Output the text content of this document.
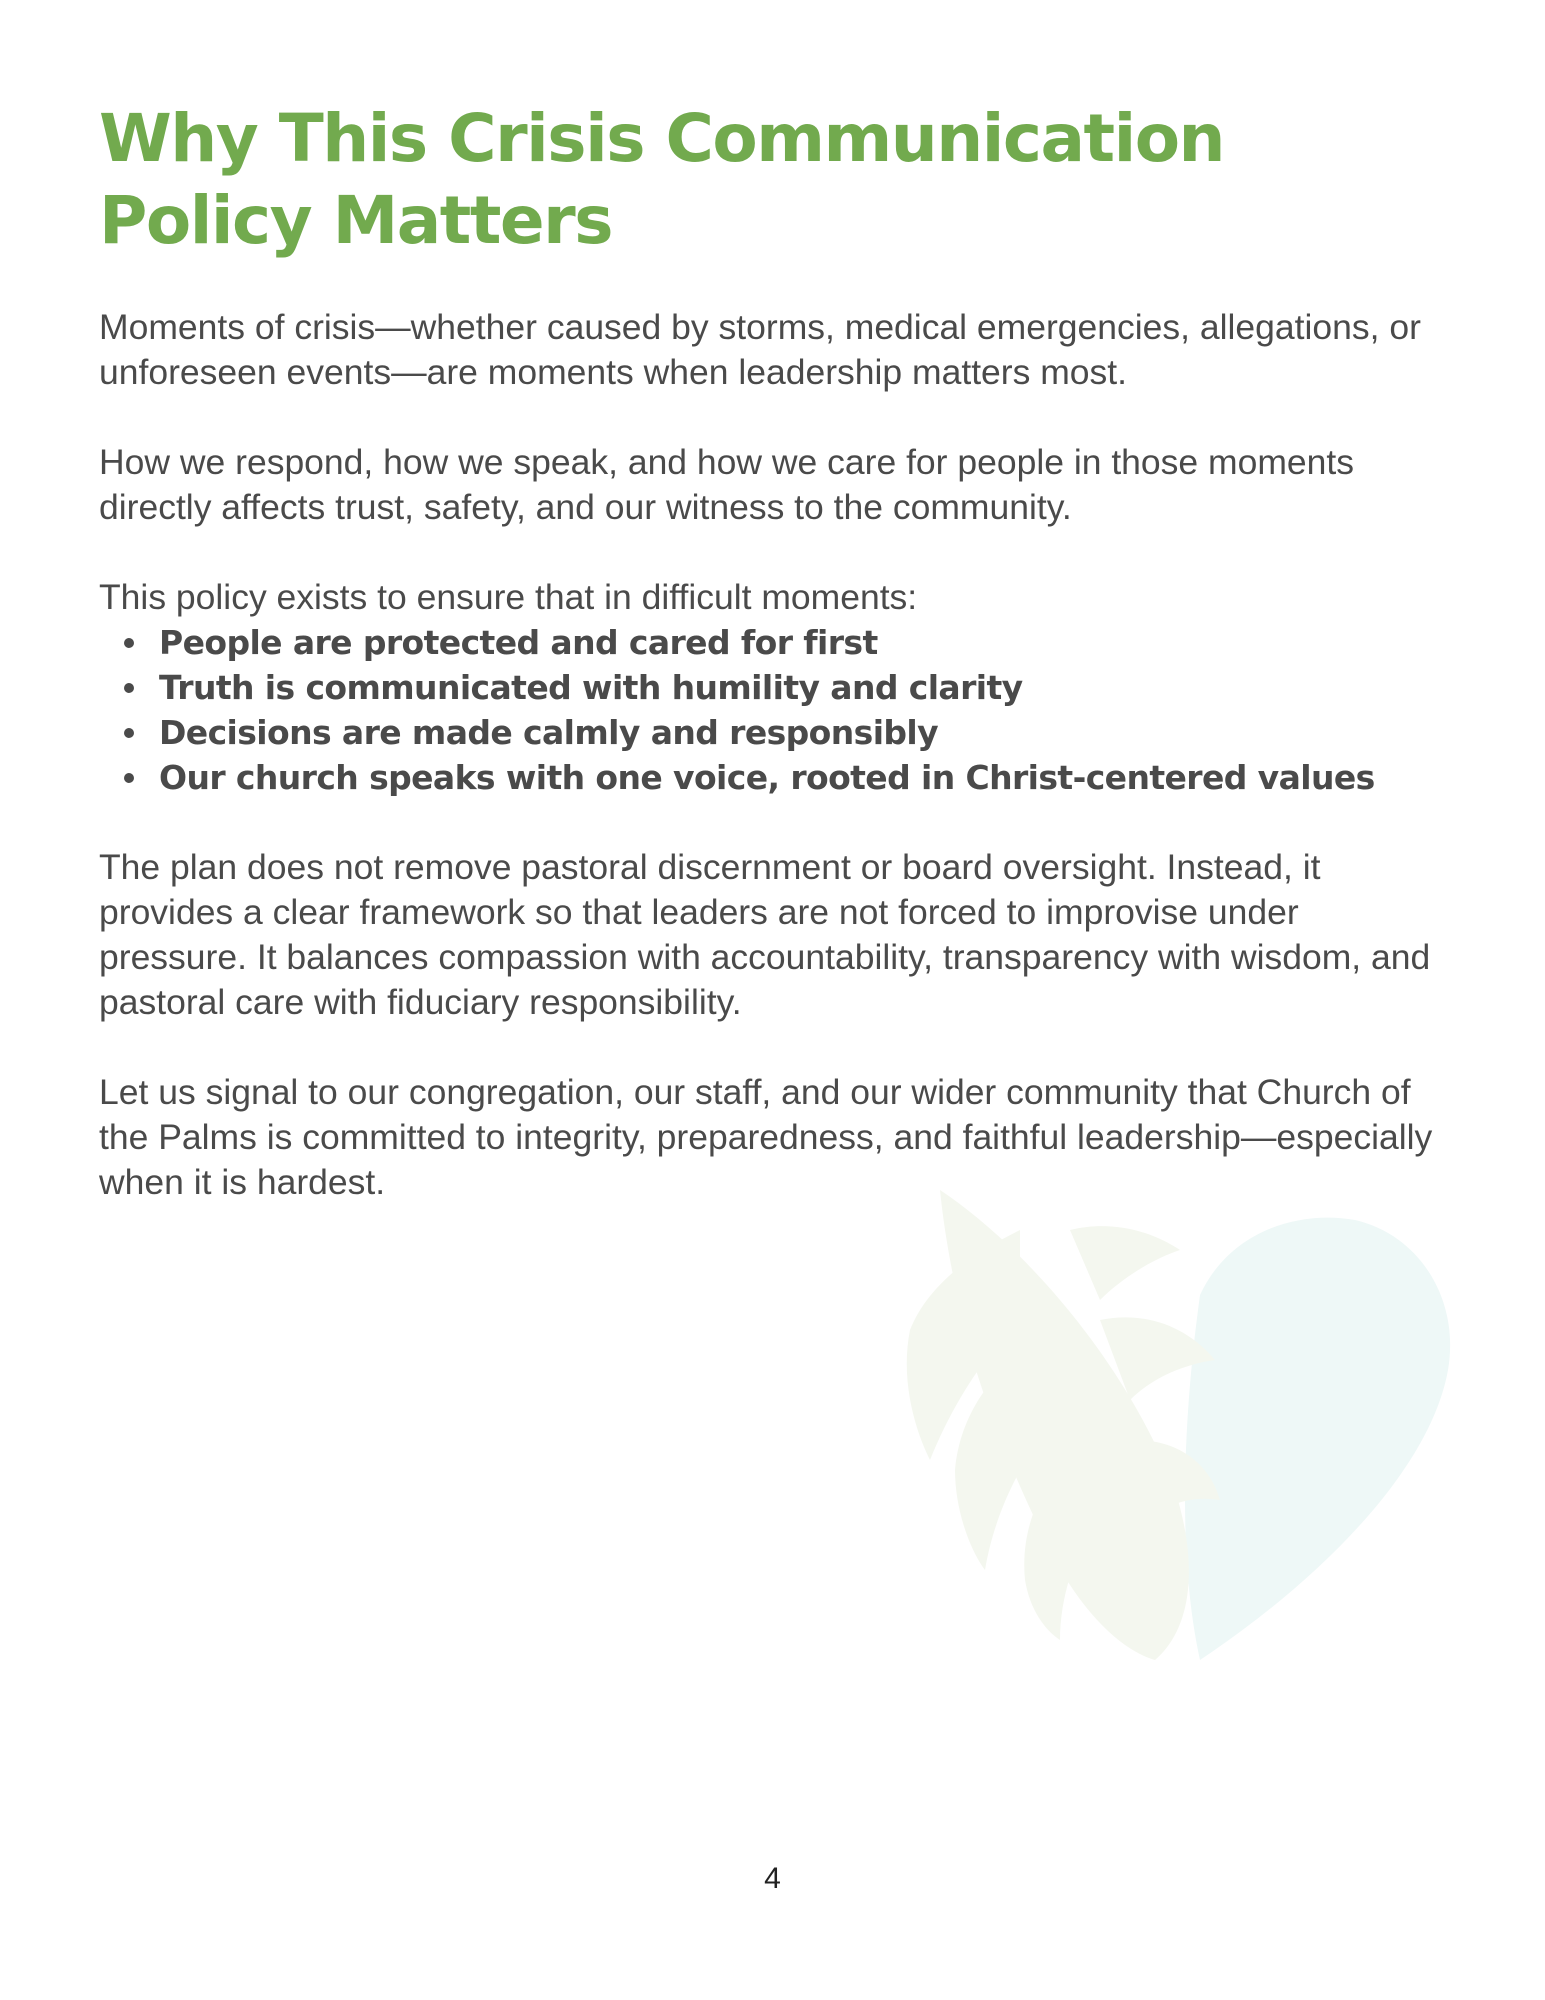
Why This Crisis Communication Policy Matters

Moments of crisis—whether caused by storms, medical emergencies, allegations, or unforeseen events—are moments when leadership matters most.

How we respond, how we speak, and how we care for people in those moments directly affects trust, safety, and our witness to the community.

This policy exists to ensure that in difficult moments:

People are protected and cared for first
Truth is communicated with humility and clarity
Decisions are made calmly and responsibly
Our church speaks with one voice, rooted in Christ-centered values

The plan does not remove pastoral discernment or board oversight. Instead, it provides a clear framework so that leaders are not forced to improvise under pressure. It balances compassion with accountability, transparency with wisdom, and pastoral care with fiduciary responsibility.

Let us signal to our congregation, our staff, and our wider community that Church of the Palms is committed to integrity, preparedness, and faithful leadership—especially when it is hardest.

4
